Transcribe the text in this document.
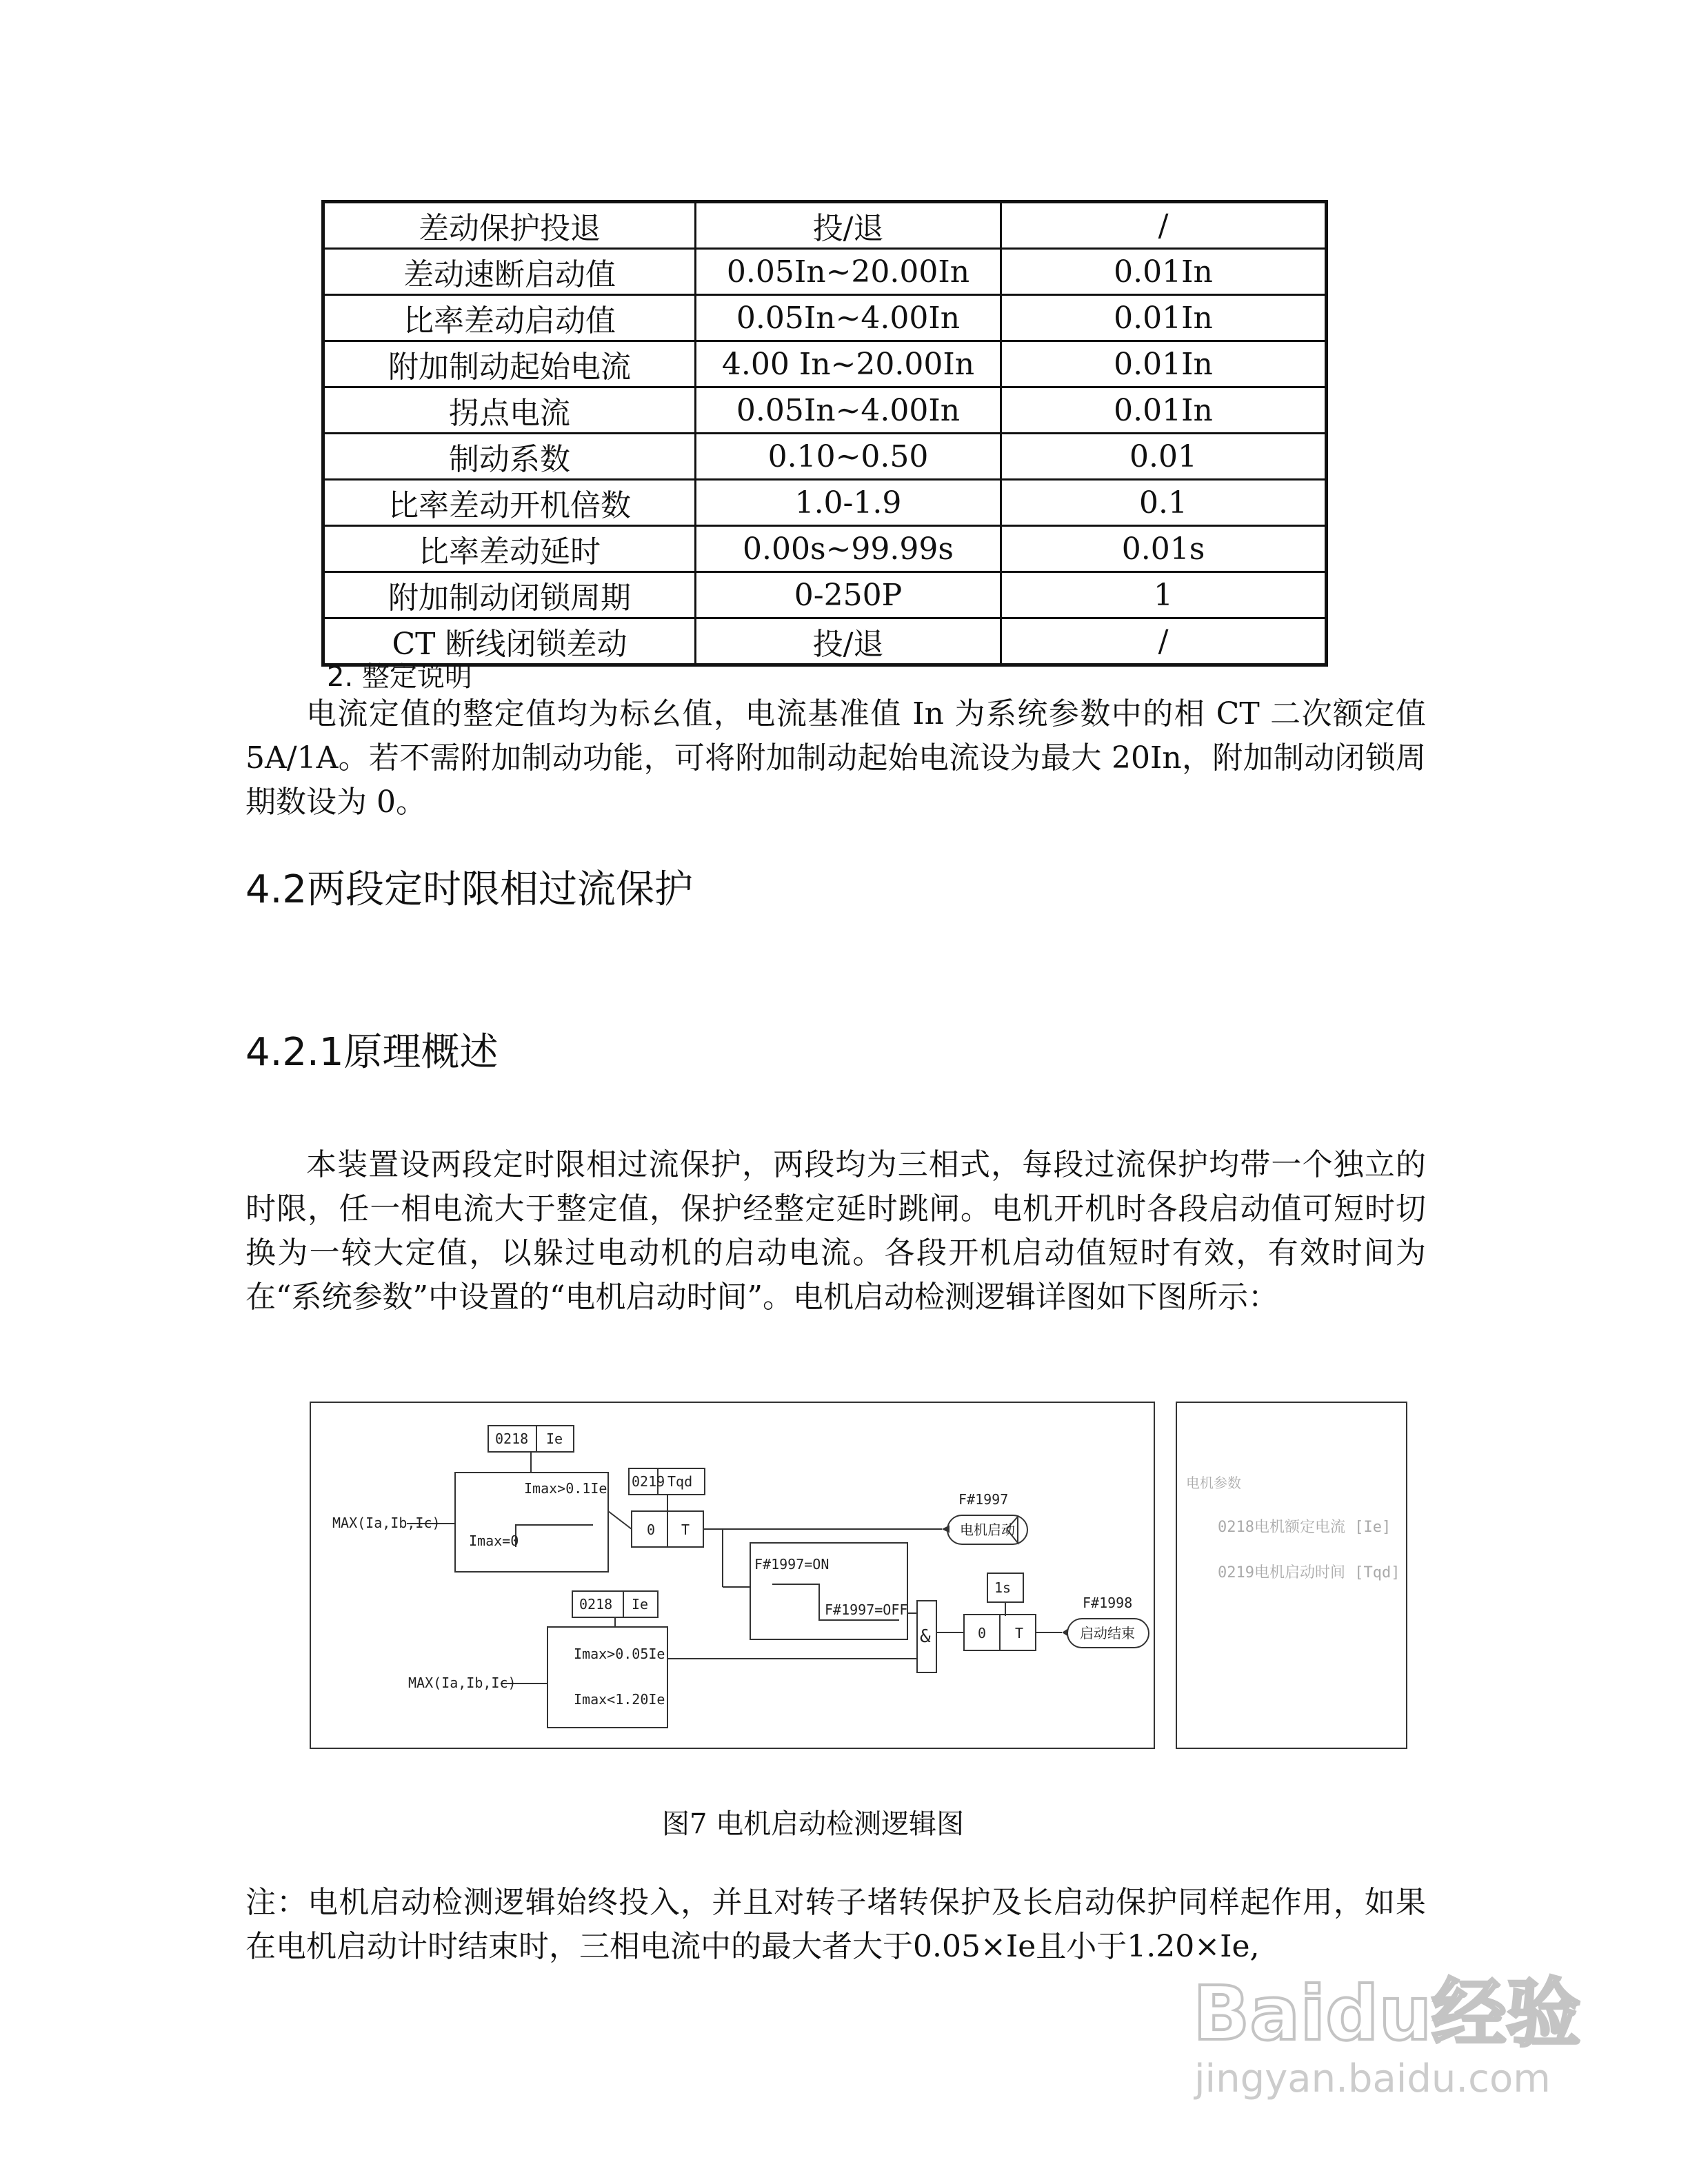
差动保护投退	投/退	/
差动速断启动值	0.05In~20.00In	0.01In
比率差动启动值	0.05In~4.00In	0.01In
附加制动起始电流	4.00 In~20.00In	0.01In
拐点电流	0.05In~4.00In	0.01In
制动系数	0.10~0.50	0.01
比率差动开机倍数	1.0-1.9	0.1
比率差动延时	0.00s~99.99s	0.01s
附加制动闭锁周期	0-250P	1
CT 断线闭锁差动	投/退	/
2. 整定说明
电流定值的整定值均为标幺值，电流基准值 In 为系统参数中的相 CT 二次额定值 5A/1A。若不需附加制动功能，可将附加制动起始电流设为最大 20In，附加制动闭锁周期数设为 0。
4.2两段定时限相过流保护
4.2.1原理概述
本装置设两段定时限相过流保护，两段均为三相式，每段过流保护均带一个独立的时限，任一相电流大于整定值，保护经整定延时跳闸。电机开机时各段启动值可短时切换为一较大定值，以躲过电动机的启动电流。各段开机启动值短时有效，有效时间为在“系统参数”中设置的“电机启动时间”。电机启动检测逻辑详图如下图所示：
MAX(Ia,Ib,Ic)
0218 Ie
Imax>0.1Ie
Imax=0
0219 Tqd
0 T
F#1997
电机启动
F#1997=ON
F#1997=OFF
0218 Ie
Imax>0.05Ie
Imax<1.20Ie
MAX(Ia,Ib,Ic)
&
1s
0 T
F#1998
启动结束
电机参数
0218电机额定电流 [Ie]
0219电机启动时间 [Tqd]
图7 电机启动检测逻辑图
注：电机启动检测逻辑始终投入，并且对转子堵转保护及长启动保护同样起作用，如果在电机启动计时结束时，三相电流中的最大者大于0.05×Ie且小于1.20×Ie,
Baidu经验
jingyan.baidu.com
